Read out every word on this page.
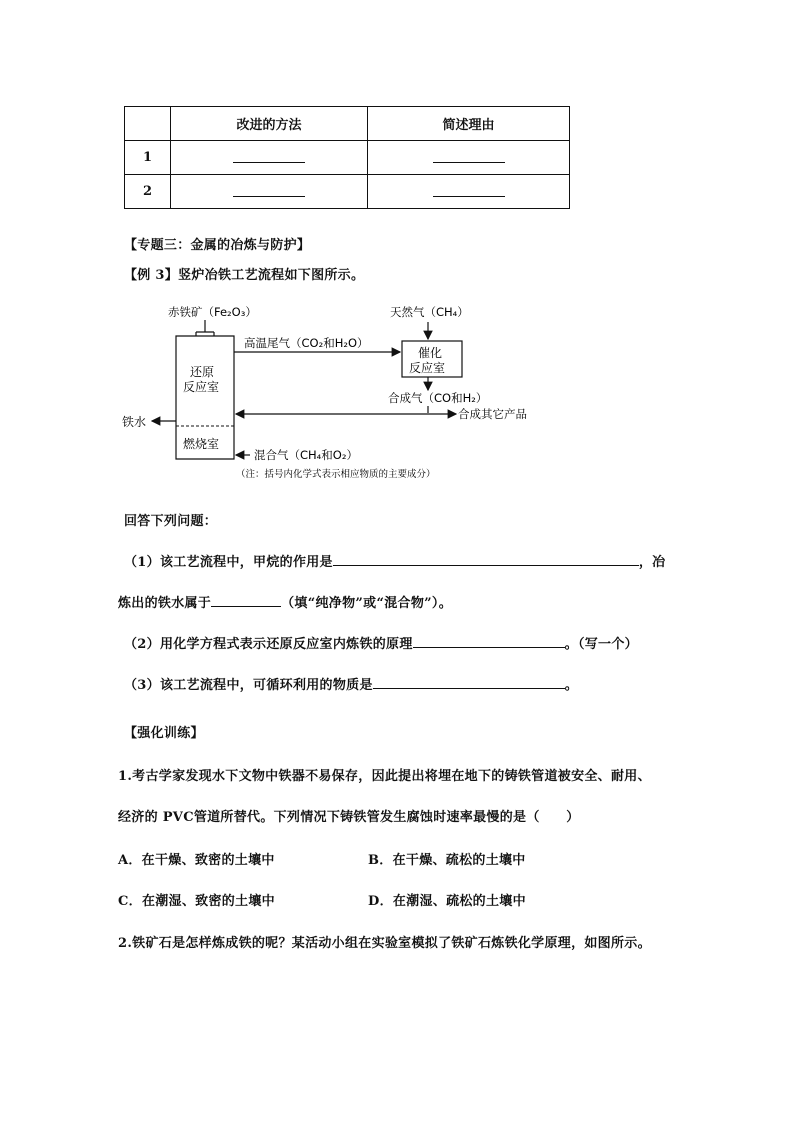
	改进的方法	简述理由
1		
2		
【专题三：金属的冶炼与防护】
【例 3】竖炉冶铁工艺流程如下图所示。
赤铁矿（Fe₂O₃）
还原
反应室
燃烧室
高温尾气（CO₂和H₂O）
天然气（CH₄）
催化
反应室
合成气（CO和H₂）
合成其它产品
铁水
混合气（CH₄和O₂）
（注：括号内化学式表示相应物质的主要成分）
回答下列问题：
（1）该工艺流程中，甲烷的作用是	，冶
炼出的铁水属于	（填“纯净物”或“混合物”）。
（2）用化学方程式表示还原反应室内炼铁的原理	。（写一个）
（3）该工艺流程中，可循环利用的物质是	。
【强化训练】
1.考古学家发现水下文物中铁器不易保存，因此提出将埋在地下的铸铁管道被安全、耐用、
经济的 PVC管道所替代。下列情况下铸铁管发生腐蚀时速率最慢的是（　　）
A．在干燥、致密的土壤中	B．在干燥、疏松的土壤中
C．在潮湿、致密的土壤中	D．在潮湿、疏松的土壤中
2.铁矿石是怎样炼成铁的呢？某活动小组在实验室模拟了铁矿石炼铁化学原理，如图所示。
